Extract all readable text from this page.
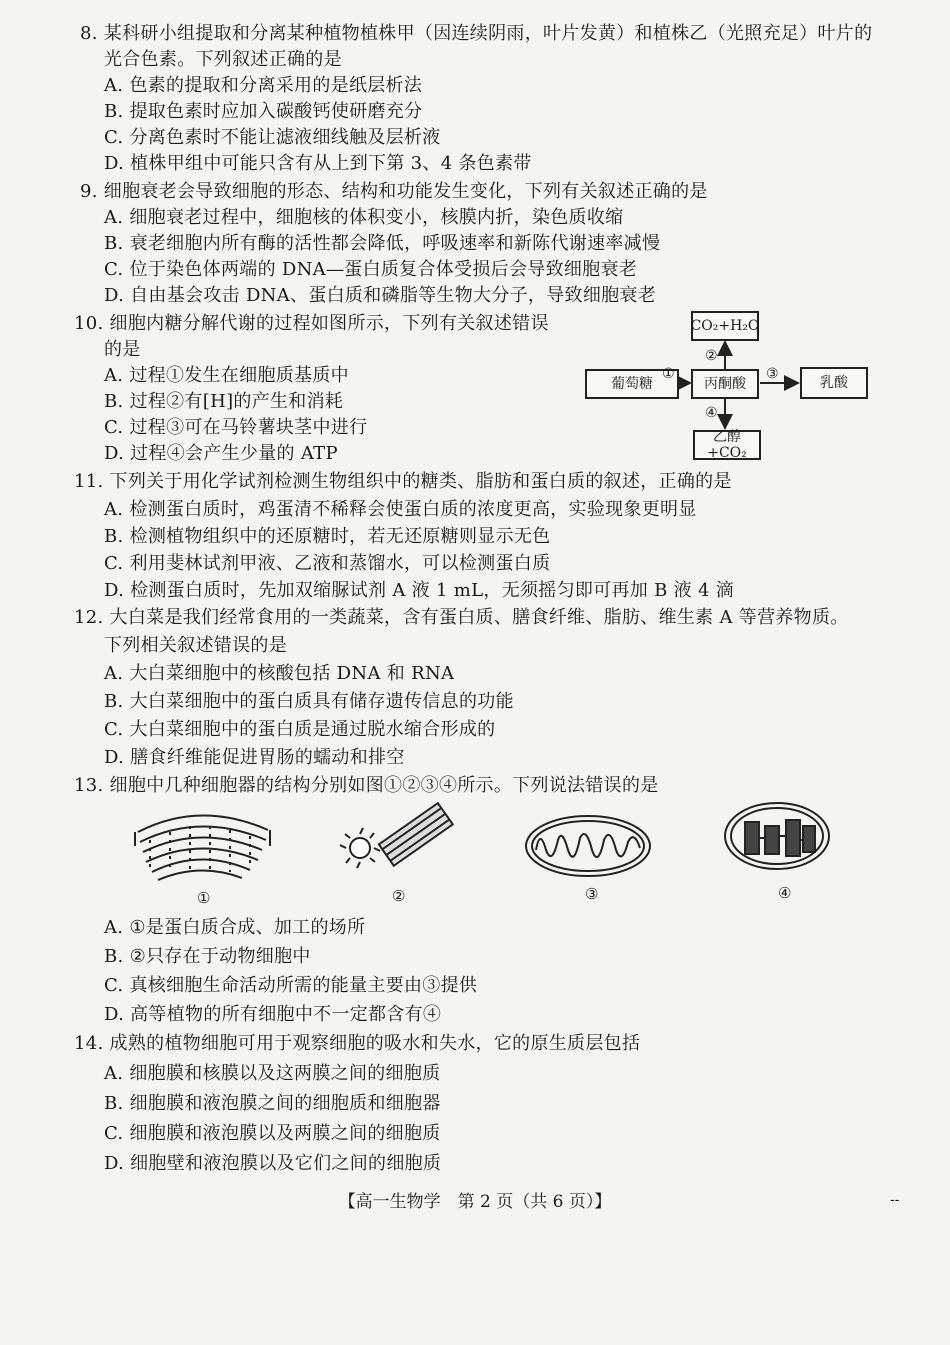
8. 某科研小组提取和分离某种植物植株甲（因连续阴雨，叶片发黄）和植株乙（光照充足）叶片的
光合色素。下列叙述正确的是
A. 色素的提取和分离采用的是纸层析法
B. 提取色素时应加入碳酸钙使研磨充分
C. 分离色素时不能让滤液细线触及层析液
D. 植株甲组中可能只含有从上到下第 3、4 条色素带
9. 细胞衰老会导致细胞的形态、结构和功能发生变化，下列有关叙述正确的是
A. 细胞衰老过程中，细胞核的体积变小，核膜内折，染色质收缩
B. 衰老细胞内所有酶的活性都会降低，呼吸速率和新陈代谢速率减慢
C. 位于染色体两端的 DNA—蛋白质复合体受损后会导致细胞衰老
D. 自由基会攻击 DNA、蛋白质和磷脂等生物大分子，导致细胞衰老
10. 细胞内糖分解代谢的过程如图所示，下列有关叙述错误
的是
A. 过程①发生在细胞质基质中
B. 过程②有[H]的产生和消耗
C. 过程③可在马铃薯块茎中进行
D. 过程④会产生少量的 ATP
葡萄糖
①
丙酮酸
③
乳酸
CO₂+H₂O
②
④
乙醇+CO₂
11. 下列关于用化学试剂检测生物组织中的糖类、脂肪和蛋白质的叙述，正确的是
A. 检测蛋白质时，鸡蛋清不稀释会使蛋白质的浓度更高，实验现象更明显
B. 检测植物组织中的还原糖时，若无还原糖则显示无色
C. 利用斐林试剂甲液、乙液和蒸馏水，可以检测蛋白质
D. 检测蛋白质时，先加双缩脲试剂 A 液 1 mL，无须摇匀即可再加 B 液 4 滴
12. 大白菜是我们经常食用的一类蔬菜，含有蛋白质、膳食纤维、脂肪、维生素 A 等营养物质。
下列相关叙述错误的是
A. 大白菜细胞中的核酸包括 DNA 和 RNA
B. 大白菜细胞中的蛋白质具有储存遗传信息的功能
C. 大白菜细胞中的蛋白质是通过脱水缩合形成的
D. 膳食纤维能促进胃肠的蠕动和排空
13. 细胞中几种细胞器的结构分别如图①②③④所示。下列说法错误的是
①	②	③	④
A. ①是蛋白质合成、加工的场所
B. ②只存在于动物细胞中
C. 真核细胞生命活动所需的能量主要由③提供
D. 高等植物的所有细胞中不一定都含有④
14. 成熟的植物细胞可用于观察细胞的吸水和失水，它的原生质层包括
A. 细胞膜和核膜以及这两膜之间的细胞质
B. 细胞膜和液泡膜之间的细胞质和细胞器
C. 细胞膜和液泡膜以及两膜之间的细胞质
D. 细胞壁和液泡膜以及它们之间的细胞质
【高一生物学　第 2 页（共 6 页）】	--
